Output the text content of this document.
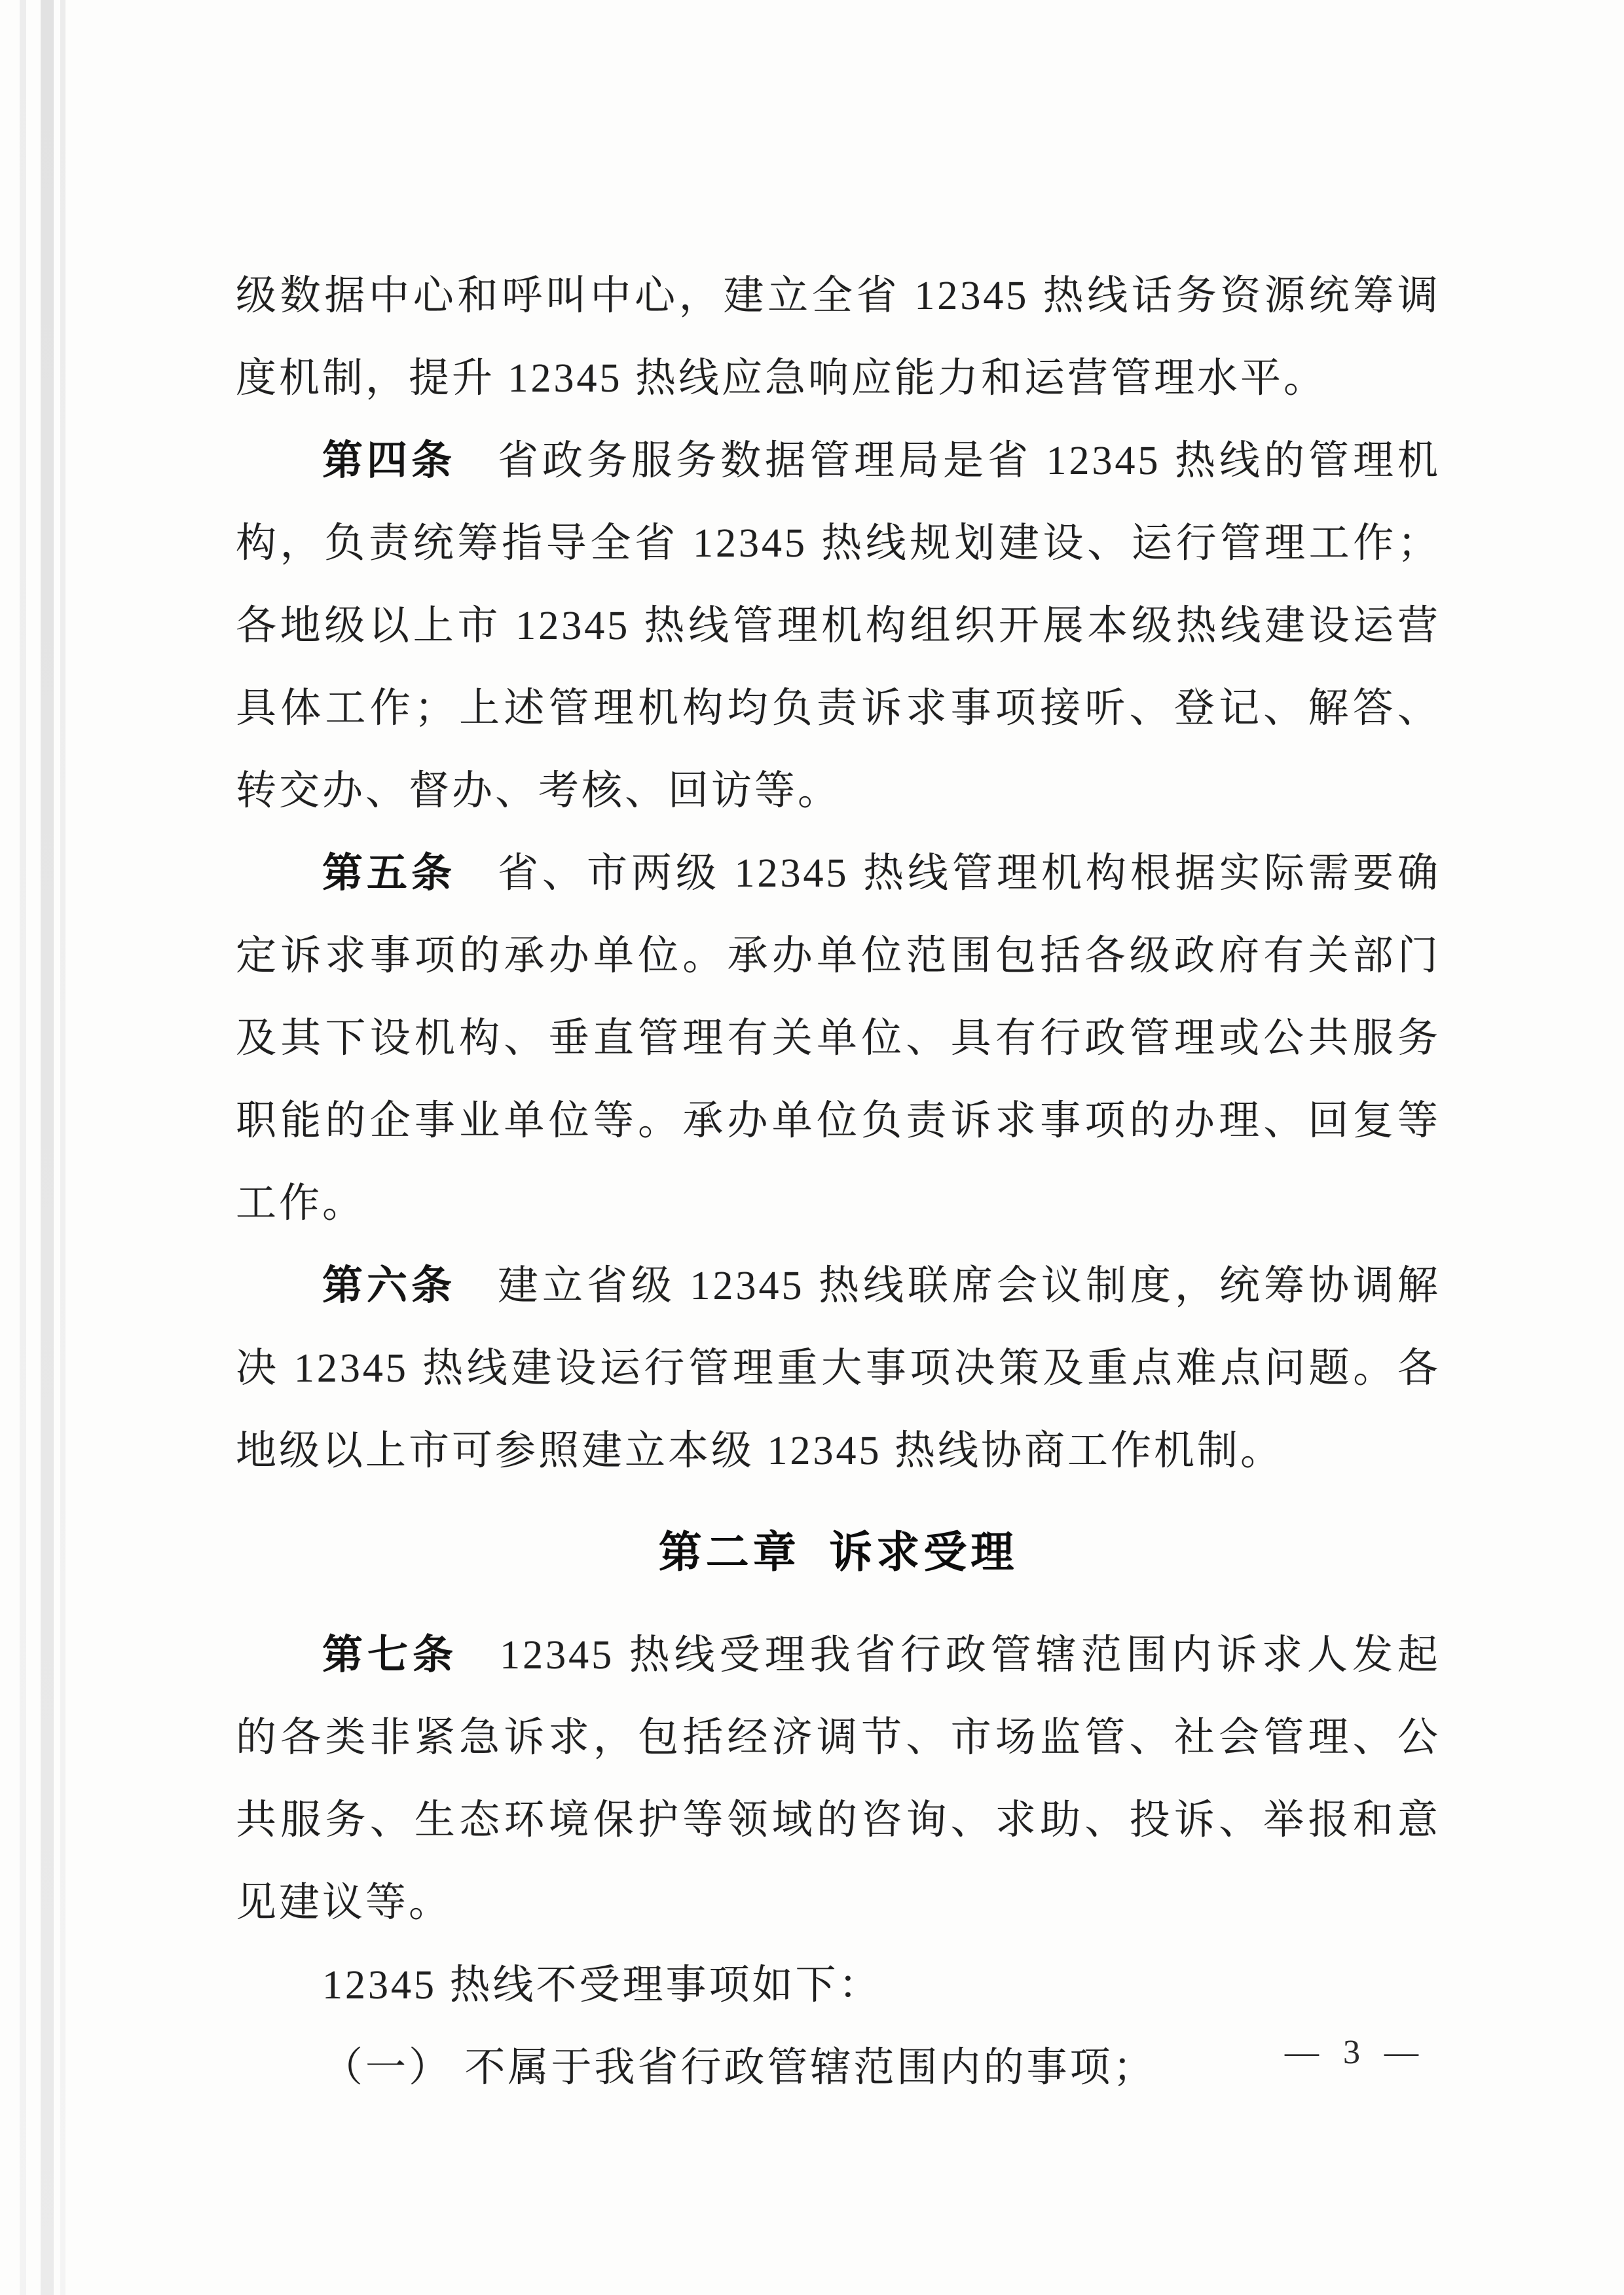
级数据中心和呼叫中心，建立全省 12345 热线话务资源统筹调度机制，提升 12345 热线应急响应能力和运营管理水平。

第四条 省政务服务数据管理局是省 12345 热线的管理机构，负责统筹指导全省 12345 热线规划建设、运行管理工作；各地级以上市 12345 热线管理机构组织开展本级热线建设运营具体工作；上述管理机构均负责诉求事项接听、登记、解答、转交办、督办、考核、回访等。

第五条 省、市两级 12345 热线管理机构根据实际需要确定诉求事项的承办单位。承办单位范围包括各级政府有关部门及其下设机构、垂直管理有关单位、具有行政管理或公共服务职能的企事业单位等。承办单位负责诉求事项的办理、回复等工作。

第六条 建立省级 12345 热线联席会议制度，统筹协调解决 12345 热线建设运行管理重大事项决策及重点难点问题。各地级以上市可参照建立本级 12345 热线协商工作机制。

第二章 诉求受理

第七条 12345 热线受理我省行政管辖范围内诉求人发起的各类非紧急诉求，包括经济调节、市场监管、社会管理、公共服务、生态环境保护等领域的咨询、求助、投诉、举报和意见建议等。

12345 热线不受理事项如下：

（一） 不属于我省行政管辖范围内的事项；	— 3 —
